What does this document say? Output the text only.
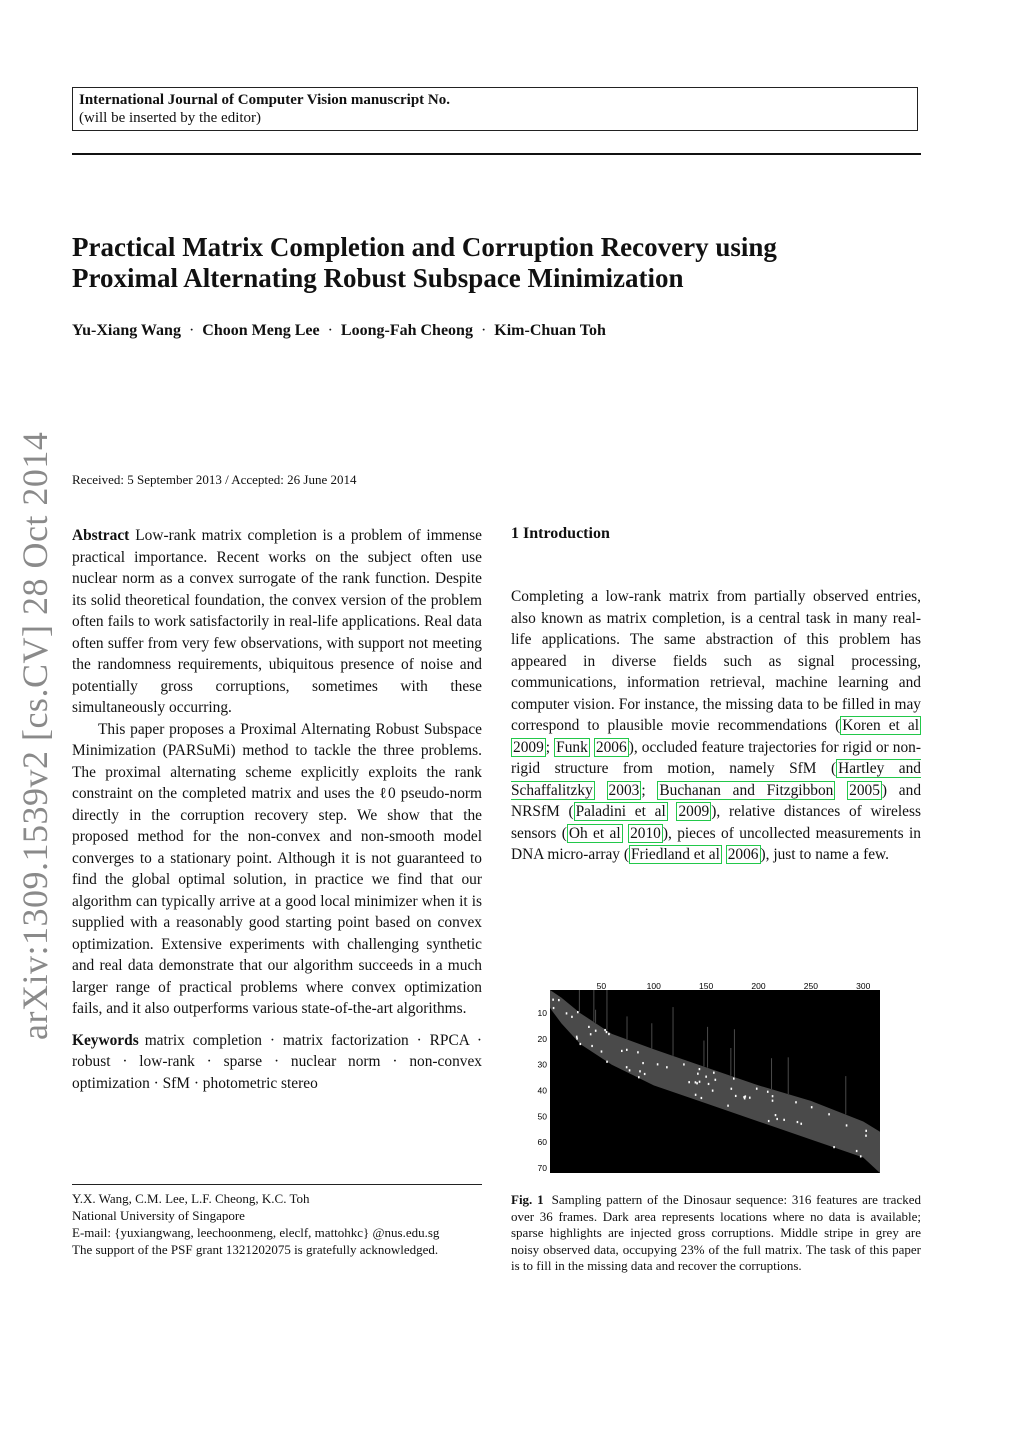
International Journal of Computer Vision manuscript No.
(will be inserted by the editor)
Practical Matrix Completion and Corruption Recovery using
Proximal Alternating Robust Subspace Minimization
Yu-Xiang Wang · Choon Meng Lee · Loong-Fah Cheong · Kim-Chuan Toh
arXiv:1309.1539v2 [cs.CV] 28 Oct 2014 Received: 5 September 2013 / Accepted: 26 June 2014

Abstract Low-rank matrix completion is a problem of immense practical importance. Recent works on the subject often use nuclear norm as a convex surrogate of the rank function. Despite its solid theoretical foundation, the convex version of the problem often fails to work satisfactorily in real-life applications. Real data often suffer from very few observations, with support not meeting the randomness requirements, ubiquitous presence of noise and potentially gross corruptions, sometimes with these simultaneously occurring.

This paper proposes a Proximal Alternating Robust Subspace Minimization (PARSuMi) method to tackle the three problems. The proximal alternating scheme explicitly exploits the rank constraint on the completed matrix and uses the ℓ0 pseudo-norm directly in the corruption recovery step. We show that the proposed method for the non-convex and non-smooth model converges to a stationary point. Although it is not guaranteed to find the global optimal solution, in practice we find that our algorithm can typically arrive at a good local minimizer when it is supplied with a reasonably good starting point based on convex optimization. Extensive experiments with challenging synthetic and real data demonstrate that our algorithm succeeds in a much larger range of practical problems where convex optimization fails, and it also outperforms various state-of-the-art algorithms.

Keywords matrix completion · matrix factorization · RPCA · robust · low-rank · sparse · nuclear norm · non-convex optimization · SfM · photometric stereo

Y.X. Wang, C.M. Lee, L.F. Cheong, K.C. Toh
National University of Singapore
E-mail: {yuxiangwang, leechoonmeng, eleclf, mattohkc} @nus.edu.sg
The support of the PSF grant 1321202075 is gratefully acknowledged.
1 Introduction
Completing a low-rank matrix from partially observed entries, also known as matrix completion, is a central task in many real-life applications. The same abstraction of this problem has appeared in diverse fields such as signal processing, communications, information retrieval, machine learning and computer vision. For instance, the missing data to be filled in may correspond to plausible movie recommendations ( Koren et al 2009 ; Funk 2006 ), occluded feature trajectories for rigid or non-rigid structure from motion, namely SfM ( Hartley and Schaffalitzky 2003 ; Buchanan and Fitzgibbon 2005 ) and NRSfM ( Paladini et al 2009 ), relative distances of wireless sensors ( Oh et al 2010 ), pieces of uncollected measurements in DNA micro-array ( Friedland et al 2006 ), just to name a few.
50	100	150	200	250	300
10
20
30
40
50
60
70
Fig. 1 Sampling pattern of the Dinosaur sequence: 316 features are tracked over 36 frames. Dark area represents locations where no data is available; sparse highlights are injected gross corruptions. Middle stripe in grey are noisy observed data, occupying 23% of the full matrix. The task of this paper is to fill in the missing data and recover the corruptions.
